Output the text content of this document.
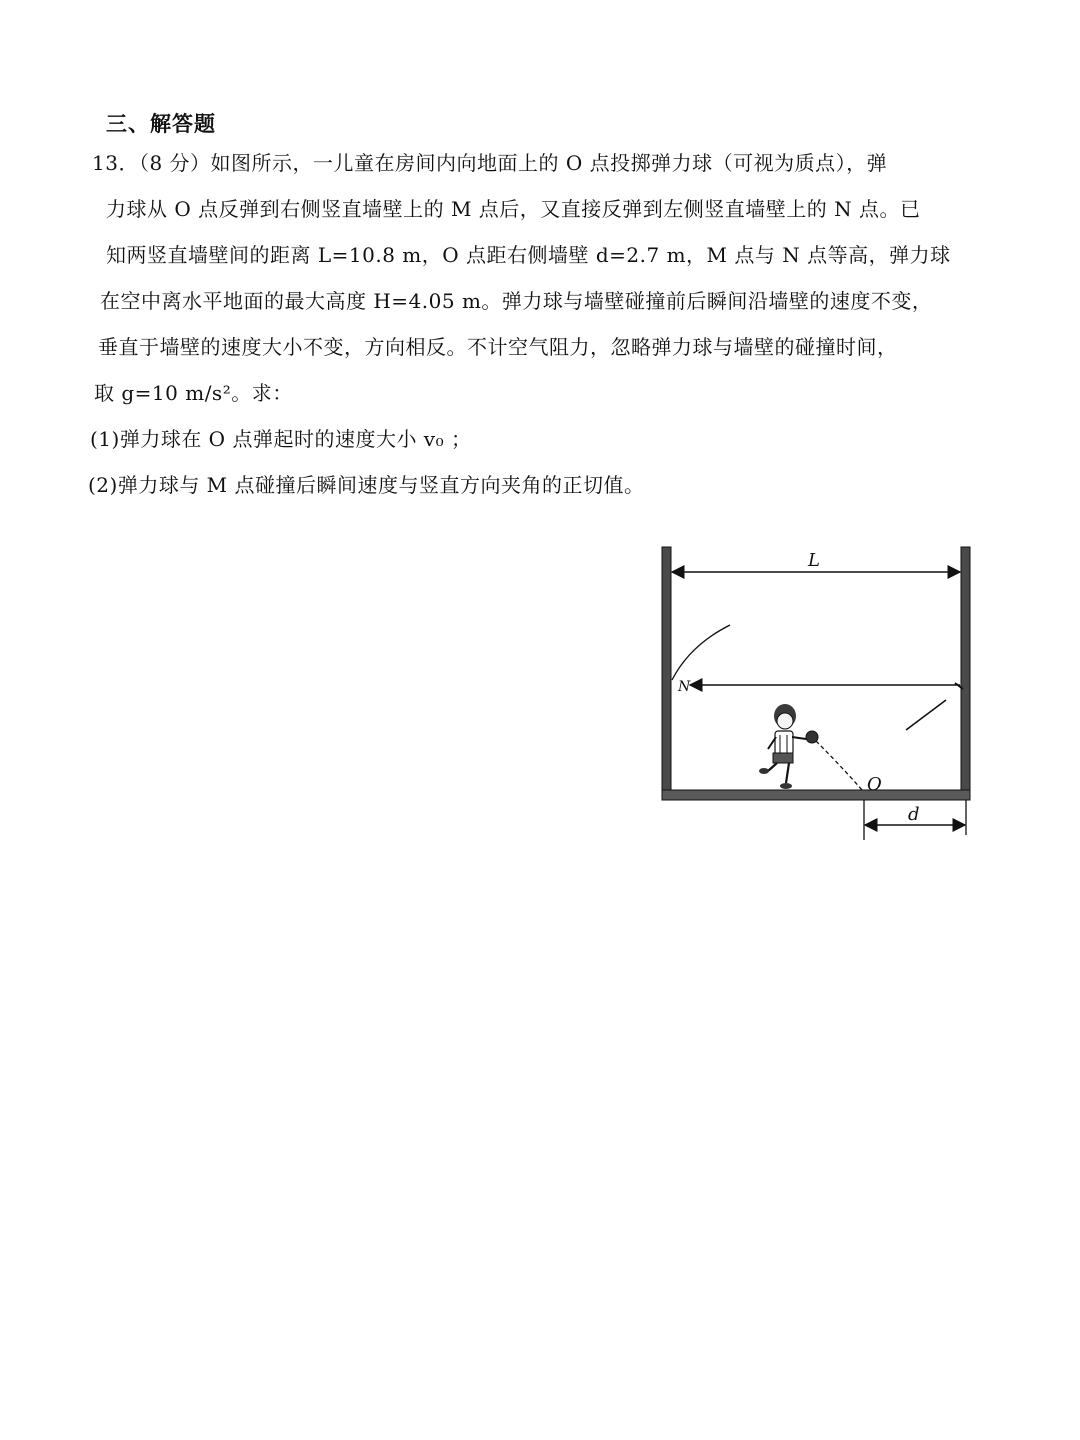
三、解答题
13．（8 分）如图所示，一儿童在房间内向地面上的 O 点投掷弹力球（可视为质点），弹
力球从 O 点反弹到右侧竖直墙壁上的 M 点后，又直接反弹到左侧竖直墙壁上的 N 点。已
知两竖直墙壁间的距离 L=10.8 m，O 点距右侧墙壁 d=2.7 m，M 点与 N 点等高，弹力球
在空中离水平地面的最大高度 H=4.05 m。弹力球与墙壁碰撞前后瞬间沿墙壁的速度不变，
垂直于墙壁的速度大小不变，方向相反。不计空气阻力，忽略弹力球与墙壁的碰撞时间，
取 g=10 m/s²。求：
(1)弹力球在 O 点弹起时的速度大小 v₀ ；
(2)弹力球与 M 点碰撞后瞬间速度与竖直方向夹角的正切值。
L
N
O
d
